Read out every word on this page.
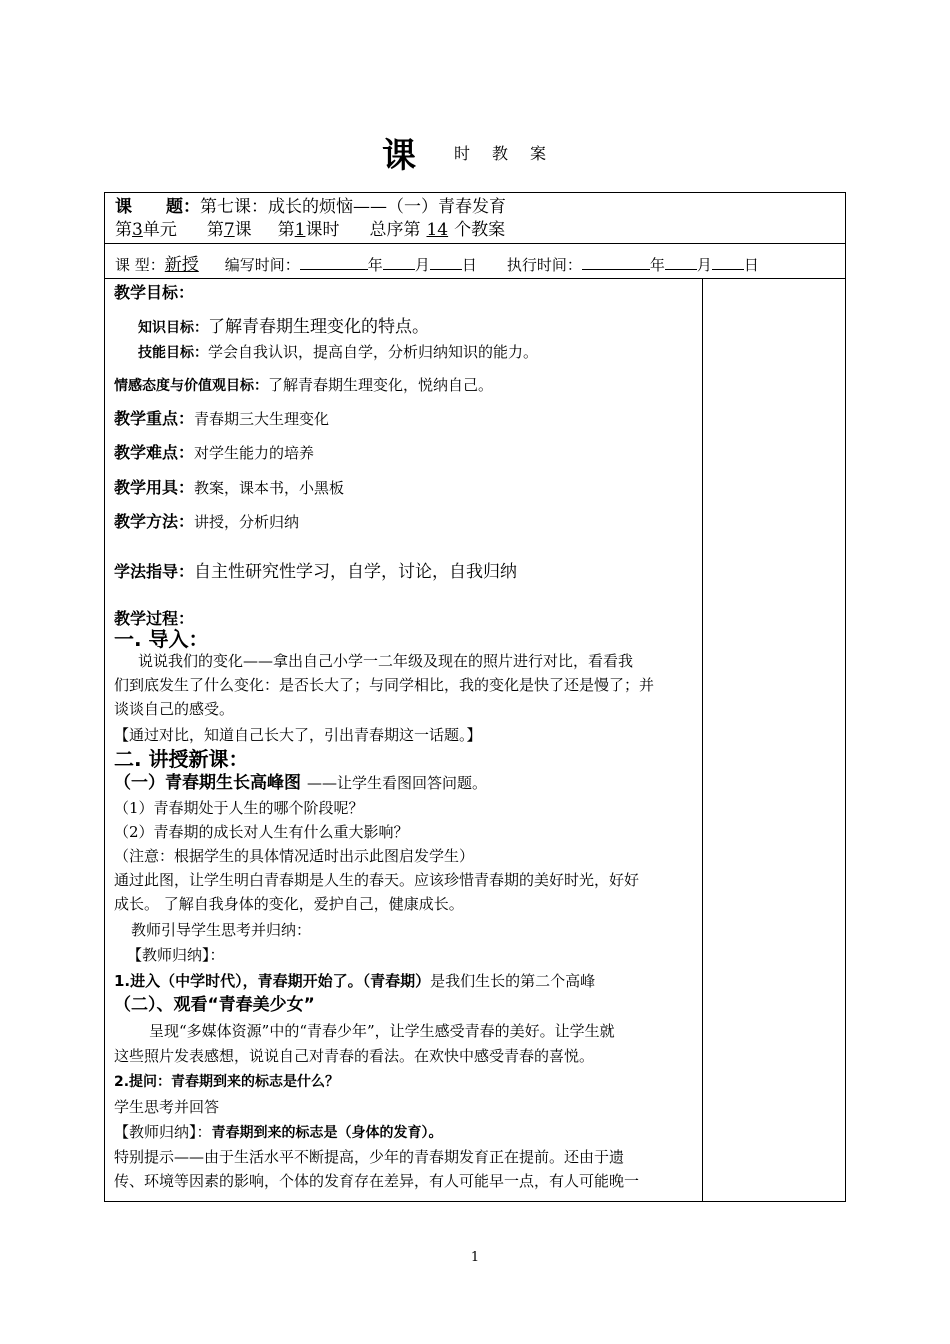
课 时教案
课　　题：第七课：成长的烦恼——（一）青春发育
第3单元 第7课 第1课时 总序第 14 个教案
课 型：新授 编写时间：	年 月 日 执行时间：	年 月 日
教学目标：
知识目标：了解青春期生理变化的特点。
技能目标：学会自我认识，提高自学，分析归纳知识的能力。
情感态度与价值观目标：了解青春期生理变化，悦纳自己。
教学重点：青春期三大生理变化
教学难点：对学生能力的培养
教学用具：教案，课本书，小黑板
教学方法：讲授，分析归纳
学法指导：自主性研究性学习，自学，讨论，自我归纳
教学过程：
一. 导入：
说说我们的变化——拿出自己小学一二年级及现在的照片进行对比，看看我
们到底发生了什么变化：是否长大了；与同学相比，我的变化是快了还是慢了；并
谈谈自己的感受。
【通过对比，知道自己长大了，引出青春期这一话题。】
二. 讲授新课：
（一）青春期生长高峰图 ——让学生看图回答问题。
（1）青春期处于人生的哪个阶段呢？
（2）青春期的成长对人生有什么重大影响？
（注意：根据学生的具体情况适时出示此图启发学生）
通过此图，让学生明白青春期是人生的春天。应该珍惜青春期的美好时光，好好
成长。 了解自我身体的变化，爱护自己，健康成长。
教师引导学生思考并归纳：
【教师归纳】：
1.进入（中学时代），青春期开始了。（青春期）是我们生长的第二个高峰
（二）、观看“青春美少女”
呈现“多媒体资源”中的“青春少年”，让学生感受青春的美好。让学生就
这些照片发表感想，说说自己对青春的看法。在欢快中感受青春的喜悦。
2.提问：青春期到来的标志是什么？
学生思考并回答
【教师归纳】：青春期到来的标志是（身体的发育）。
特别提示——由于生活水平不断提高，少年的青春期发育正在提前。还由于遗
传、环境等因素的影响，个体的发育存在差异，有人可能早一点，有人可能晚一
1
